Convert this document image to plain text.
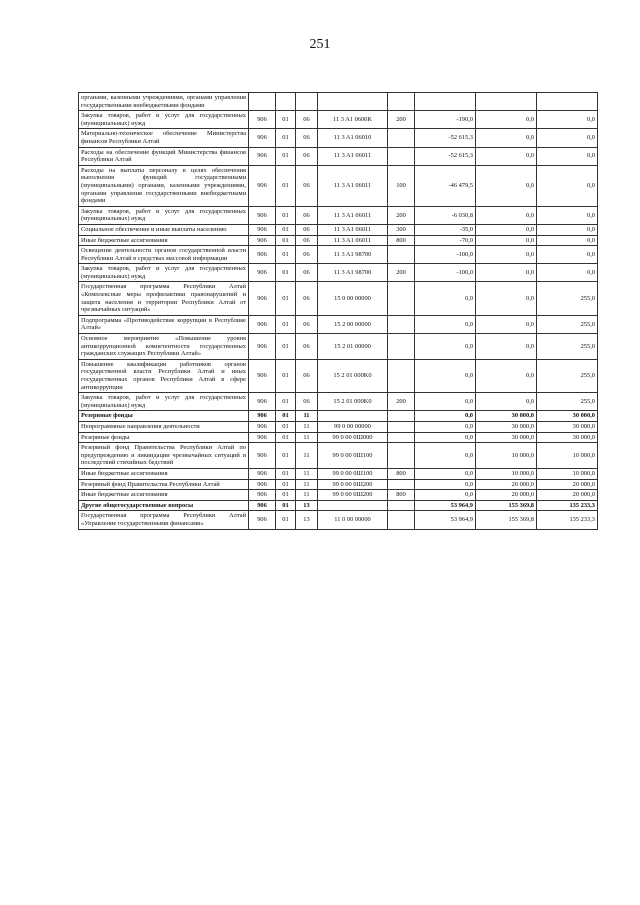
251
органами, казенными учреждениями, органами управления государственными внебюджетными фондами								
Закупка товаров, работ и услуг для государственных (муниципальных) нужд	906	01	06	11 3 A1 0600K	200	-190,0	0,0	0,0
Материально-техническое обеспечение Министерства финансов Республики Алтай	906	01	06	11 3 A1 06010		-52 615,3	0,0	0,0
Расходы на обеспечение функций Министерства финансов Республики Алтай	906	01	06	11 3 A1 06011		-52 615,3	0,0	0,0
Расходы на выплаты персоналу в целях обеспечения выполнения функций государственными (муниципальными) органами, казенными учреждениями, органами управления государственными внебюджетными фондами	906	01	06	11 3 A1 06011	100	-46 479,5	0,0	0,0
Закупка товаров, работ и услуг для государственных (муниципальных) нужд	906	01	06	11 3 A1 06011	200	-6 030,8	0,0	0,0
Социальное обеспечение и иные выплаты населению	906	01	06	11 3 A1 06011	300	-35,0	0,0	0,0
Иные бюджетные ассигнования	906	01	06	11 3 A1 06011	800	-70,0	0,0	0,0
Освещение деятельности органов государственной власти Республики Алтай в средствах массовой информации	906	01	06	11 3 A1 98700		-100,0	0,0	0,0
Закупка товаров, работ и услуг для государственных (муниципальных) нужд	906	01	06	11 3 A1 98700	200	-100,0	0,0	0,0
Государственная программа Республики Алтай «Комплексные меры профилактики правонарушений и защита населения и территории Республики Алтай от чрезвычайных ситуаций»	906	01	06	15 0 00 00000		0,0	0,0	255,0
Подпрограмма «Противодействие коррупции в Республике Алтай»	906	01	06	15 2 00 00000		0,0	0,0	255,0
Основное мероприятие «Повышение уровня антикоррупционной компетентности государственных гражданских служащих Республики Алтай»	906	01	06	15 2 01 00000		0,0	0,0	255,0
Повышение квалификации работников органов государственной власти Республики Алтай и иных государственных органов Республики Алтай в сфере антикоррупции	906	01	06	15 2 01 000K0		0,0	0,0	255,0
Закупка товаров, работ и услуг для государственных (муниципальных) нужд	906	01	06	15 2 01 000K0	200	0,0	0,0	255,0
Резервные фонды	906	01	11			0,0	30 000,0	30 000,0
Непрограммные направления деятельности	906	01	11	99 0 00 00000		0,0	30 000,0	30 000,0
Резервные фонды	906	01	11	99 0 00 0Ш000		0,0	30 000,0	30 000,0
Резервный фонд Правительства Республики Алтай по предупреждению и ликвидации чрезвычайных ситуаций и последствий стихийных бедствий	906	01	11	99 0 00 0Ш100		0,0	10 000,0	10 000,0
Иные бюджетные ассигнования	906	01	11	99 0 00 0Ш100	800	0,0	10 000,0	10 000,0
Резервный фонд Правительства Республики Алтай	906	01	11	99 0 00 0Ш200		0,0	20 000,0	20 000,0
Иные бюджетные ассигнования	906	01	11	99 0 00 0Ш200	800	0,0	20 000,0	20 000,0
Другие общегосударственные вопросы	906	01	13			53 964,9	155 369,8	135 233,3
Государственная программа Республики Алтай «Управление государственными финансами»	906	01	13	11 0 00 00000		53 964,9	155 369,8	135 233,3
